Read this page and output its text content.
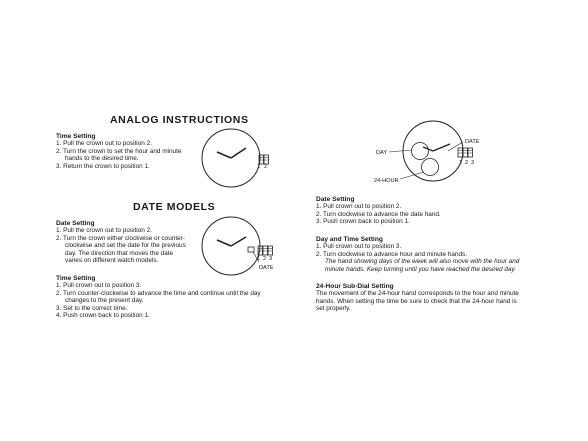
ANALOG INSTRUCTIONS
Time Setting
1. Pull the crown out to position 2.
2. Turn the crown to set the hour and minute
hands to the desired time.
3. Return the crown to position 1.	1 2
DATE MODELS
Date Setting
1. Pull the crown out to position 2.
2. Turn the crown either clockwise or counter-
clockwise and set the date for the previous
day. The direction that moves the date
varies on different watch models.
Time Setting
1. Pull crown out to position 3.
2. Turn counter-clockwise to advance the time and continue until the day
changes to the present day.
3. Set to the correct time.
4. Push crown back to position 1.
1 2 3
DATE
DATE
DAY
24-HOUR
1 2 3
Date Setting
1. Pull crown out to position 2.
2. Turn clockwise to advance the date hand.
3. Push crown back to position 1.
Day and Time Setting
1. Pull crown out to position 3.
2. Turn clockwise to advance hour and minute hands.
The hand showing days of the week will also move with the hour and
minute hands. Keep turning until you have reached the desired day.
24-Hour Sub-Dial Setting
The movement of the 24-hour hand corresponds to the hour and minute
hands. When setting the time be sure to check that the 24-hour hand is
set properly.
